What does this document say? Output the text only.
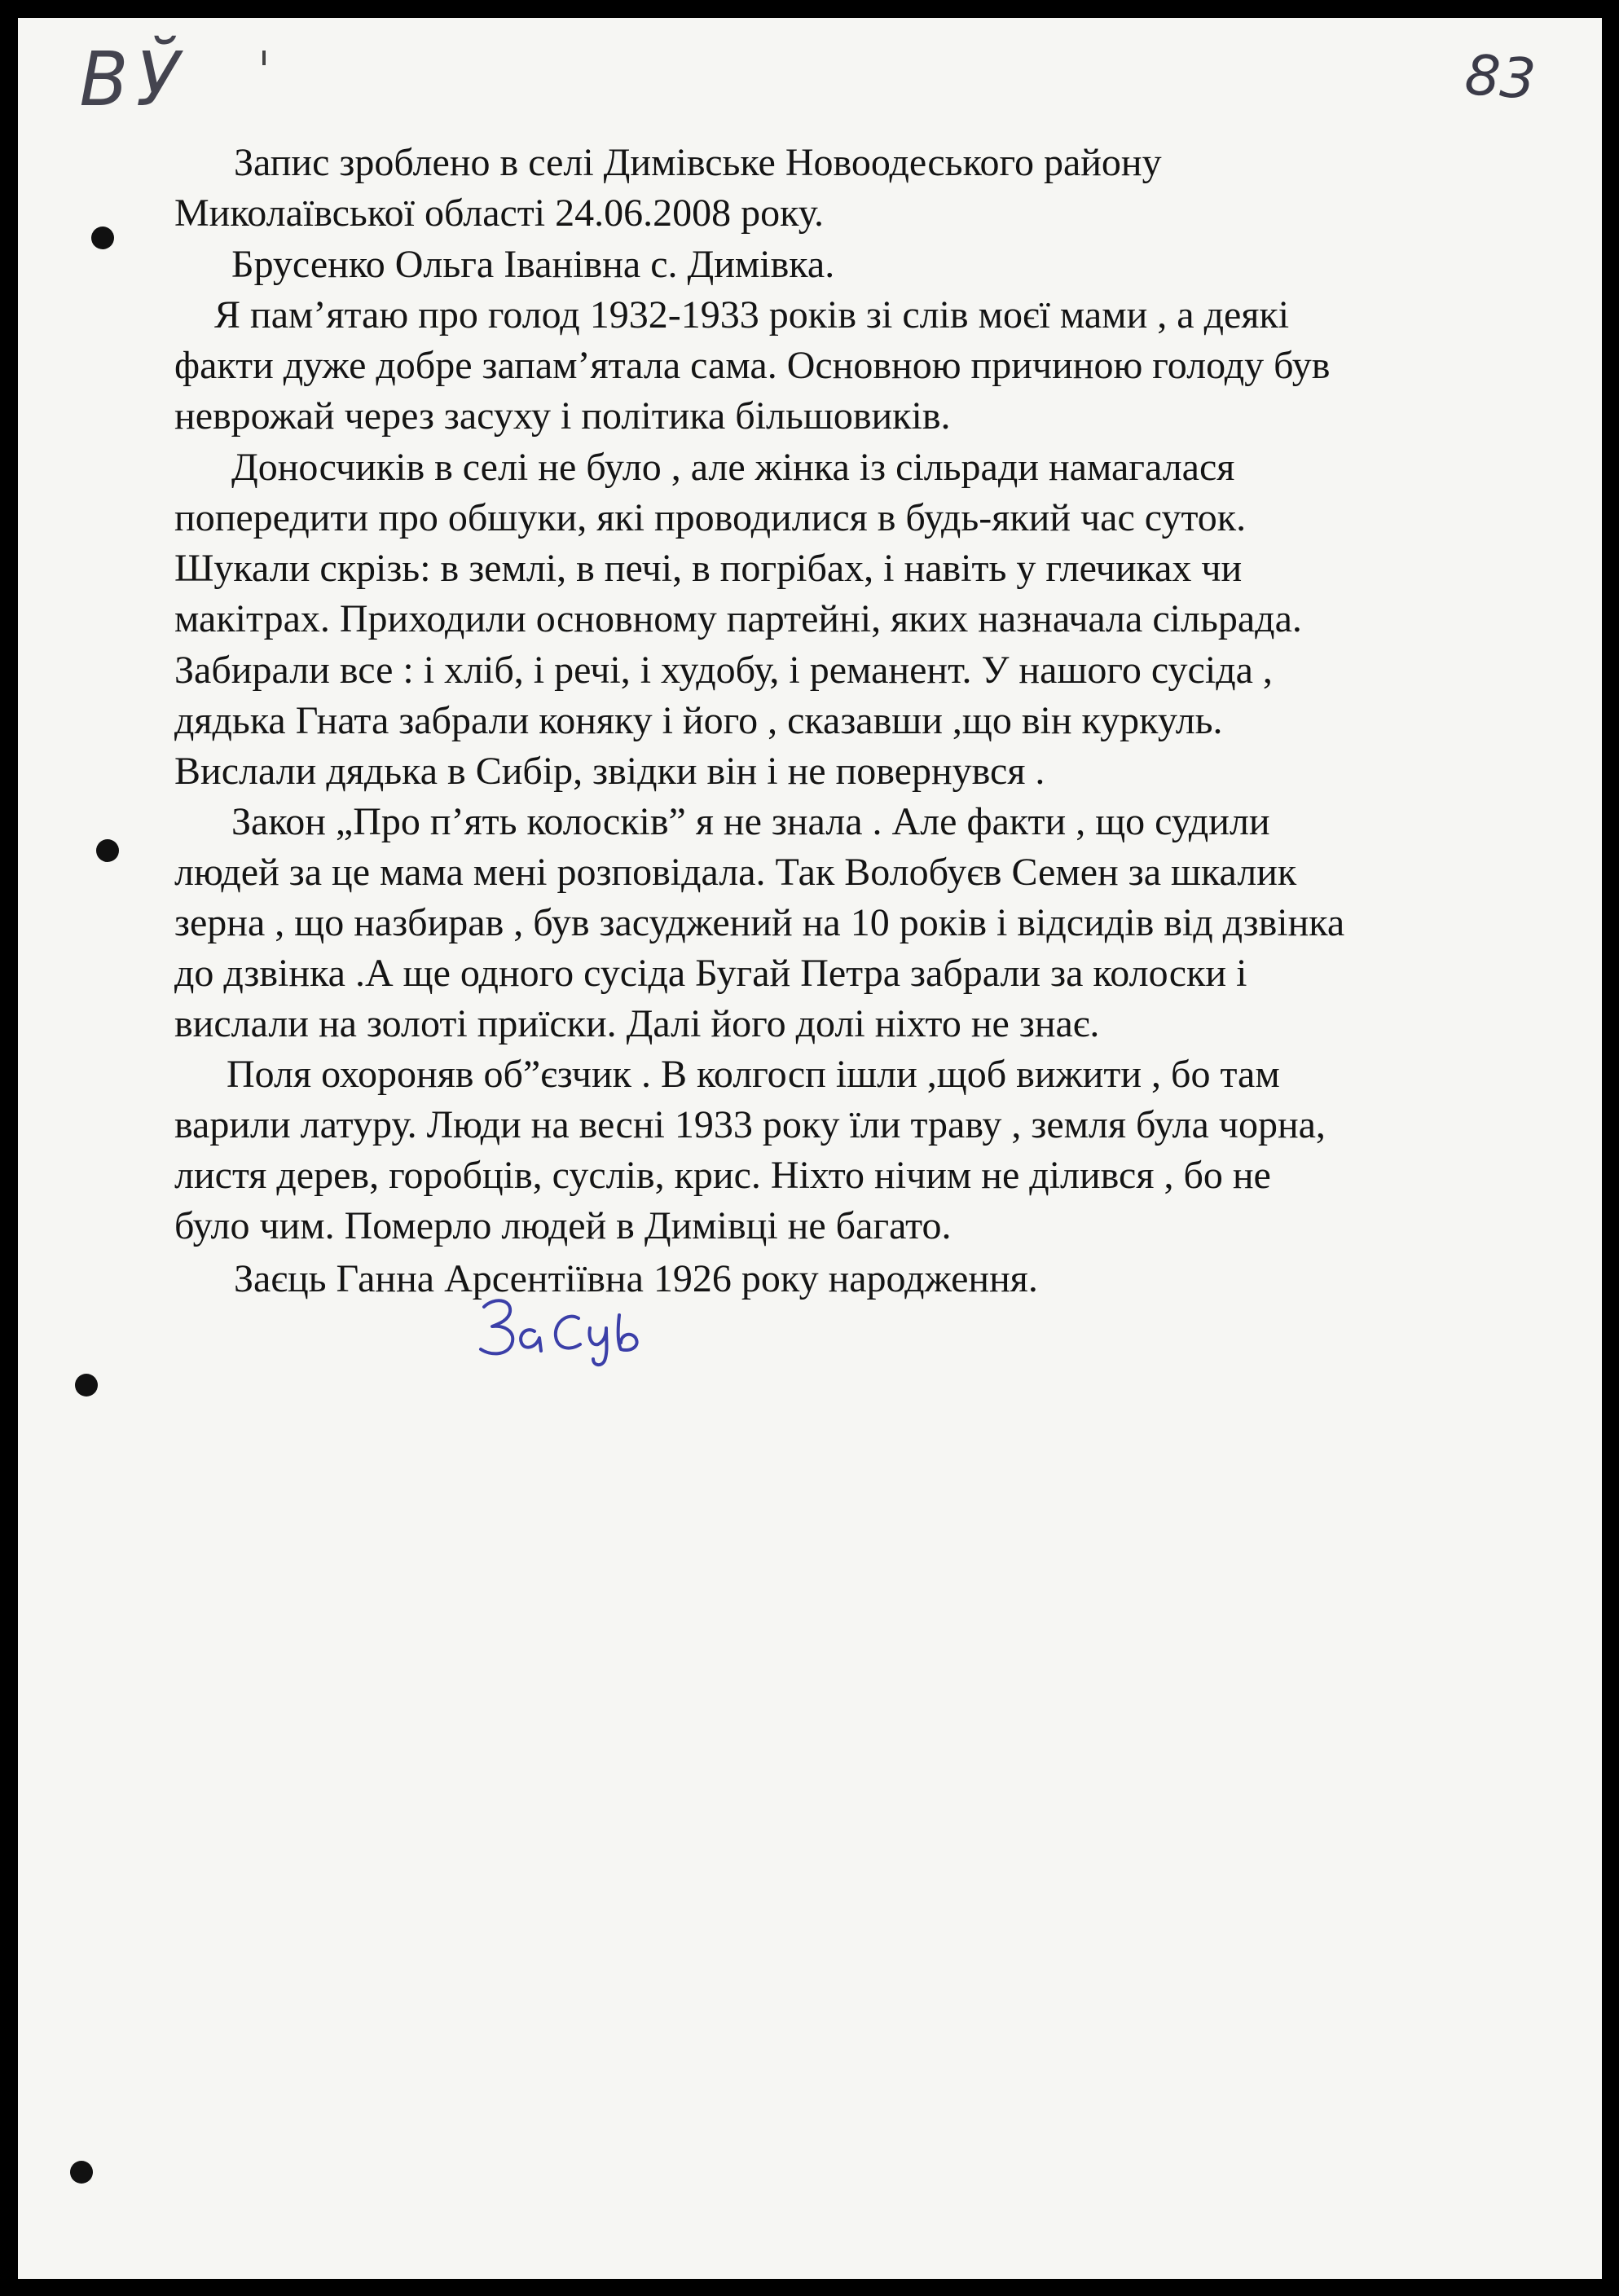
ВЎ	83
Запис зроблено в селі Димівське Новоодеського району
Миколаївської області 24.06.2008 року.
Брусенко Ольга Іванівна с. Димівка.
Я пам’ятаю про голод 1932-1933 років зі слів моєї мами , а деякі
факти дуже добре запам’ятала сама. Основною причиною голоду був
неврожай через засуху і політика більшовиків.
Доносчиків в селі не було , але жінка із сільради намагалася
попередити про обшуки, які проводилися в будь-який час суток.
Шукали скрізь: в землі, в печі, в погрібах, і навіть у глечиках чи
макітрах. Приходили основному партейні, яких назначала сільрада.
Забирали все : і хліб, і речі, і худобу, і реманент. У нашого сусіда ,
дядька Гната забрали коняку і його , сказавши ,що він куркуль.
Вислали дядька в Сибір, звідки він і не повернувся .
Закон „Про п’ять колосків” я не знала . Але факти , що судили
людей за це мама мені розповідала. Так Волобуєв Семен за шкалик
зерна , що назбирав , був засуджений на 10 років і відсидів від дзвінка
до дзвінка .А ще одного сусіда Бугай Петра забрали за колоски і
вислали на золоті приїски. Далі його долі ніхто не знає.
Поля охороняв об”єзчик . В колгосп ішли ,щоб вижити , бо там
варили латуру. Люди на весні 1933 року їли траву , земля була чорна,
листя дерев, горобців, суслів, крис. Ніхто нічим не ділився , бо не
було чим. Померло людей в Димівці не багато.
Заєць Ганна Арсентіївна 1926 року народження.
